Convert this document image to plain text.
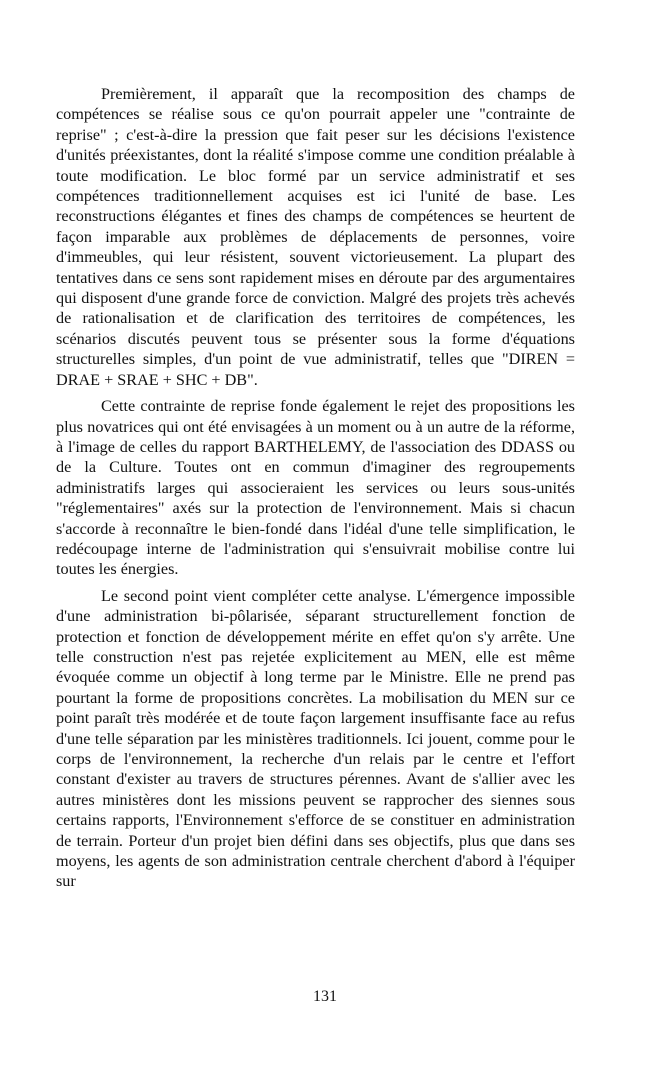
Premièrement, il apparaît que la recomposition des champs de compétences se réalise sous ce qu'on pourrait appeler une "contrainte de reprise" ; c'est-à-dire la pression que fait peser sur les décisions l'existence d'unités préexistantes, dont la réalité s'impose comme une condition préalable à toute modification. Le bloc formé par un service administratif et ses compétences traditionnellement acquises est ici l'unité de base. Les reconstructions élégantes et fines des champs de compétences se heurtent de façon imparable aux problèmes de déplacements de personnes, voire d'immeubles, qui leur résistent, souvent victorieusement. La plupart des tentatives dans ce sens sont rapidement mises en déroute par des argumentaires qui disposent d'une grande force de conviction. Malgré des projets très achevés de rationalisation et de clarification des territoires de compétences, les scénarios discutés peuvent tous se présenter sous la forme d'équations structurelles simples, d'un point de vue administratif, telles que "DIREN = DRAE + SRAE + SHC + DB".

Cette contrainte de reprise fonde également le rejet des propositions les plus novatrices qui ont été envisagées à un moment ou à un autre de la réforme, à l'image de celles du rapport BARTHELEMY, de l'association des DDASS ou de la Culture. Toutes ont en commun d'imaginer des regroupements administratifs larges qui associeraient les services ou leurs sous-unités "réglementaires" axés sur la protection de l'environnement. Mais si chacun s'accorde à reconnaître le bien-fondé dans l'idéal d'une telle simplification, le redécoupage interne de l'administration qui s'ensuivrait mobilise contre lui toutes les énergies.

Le second point vient compléter cette analyse. L'émergence impossible d'une administration bi-pôlarisée, séparant structurellement fonction de protection et fonction de développement mérite en effet qu'on s'y arrête. Une telle construction n'est pas rejetée explicitement au MEN, elle est même évoquée comme un objectif à long terme par le Ministre. Elle ne prend pas pourtant la forme de propositions concrètes. La mobilisation du MEN sur ce point paraît très modérée et de toute façon largement insuffisante face au refus d'une telle séparation par les ministères traditionnels. Ici jouent, comme pour le corps de l'environnement, la recherche d'un relais par le centre et l'effort constant d'exister au travers de structures pérennes. Avant de s'allier avec les autres ministères dont les missions peuvent se rapprocher des siennes sous certains rapports, l'Environnement s'efforce de se constituer en administration de terrain. Porteur d'un projet bien défini dans ses objectifs, plus que dans ses moyens, les agents de son administration centrale cherchent d'abord à l'équiper sur

131
